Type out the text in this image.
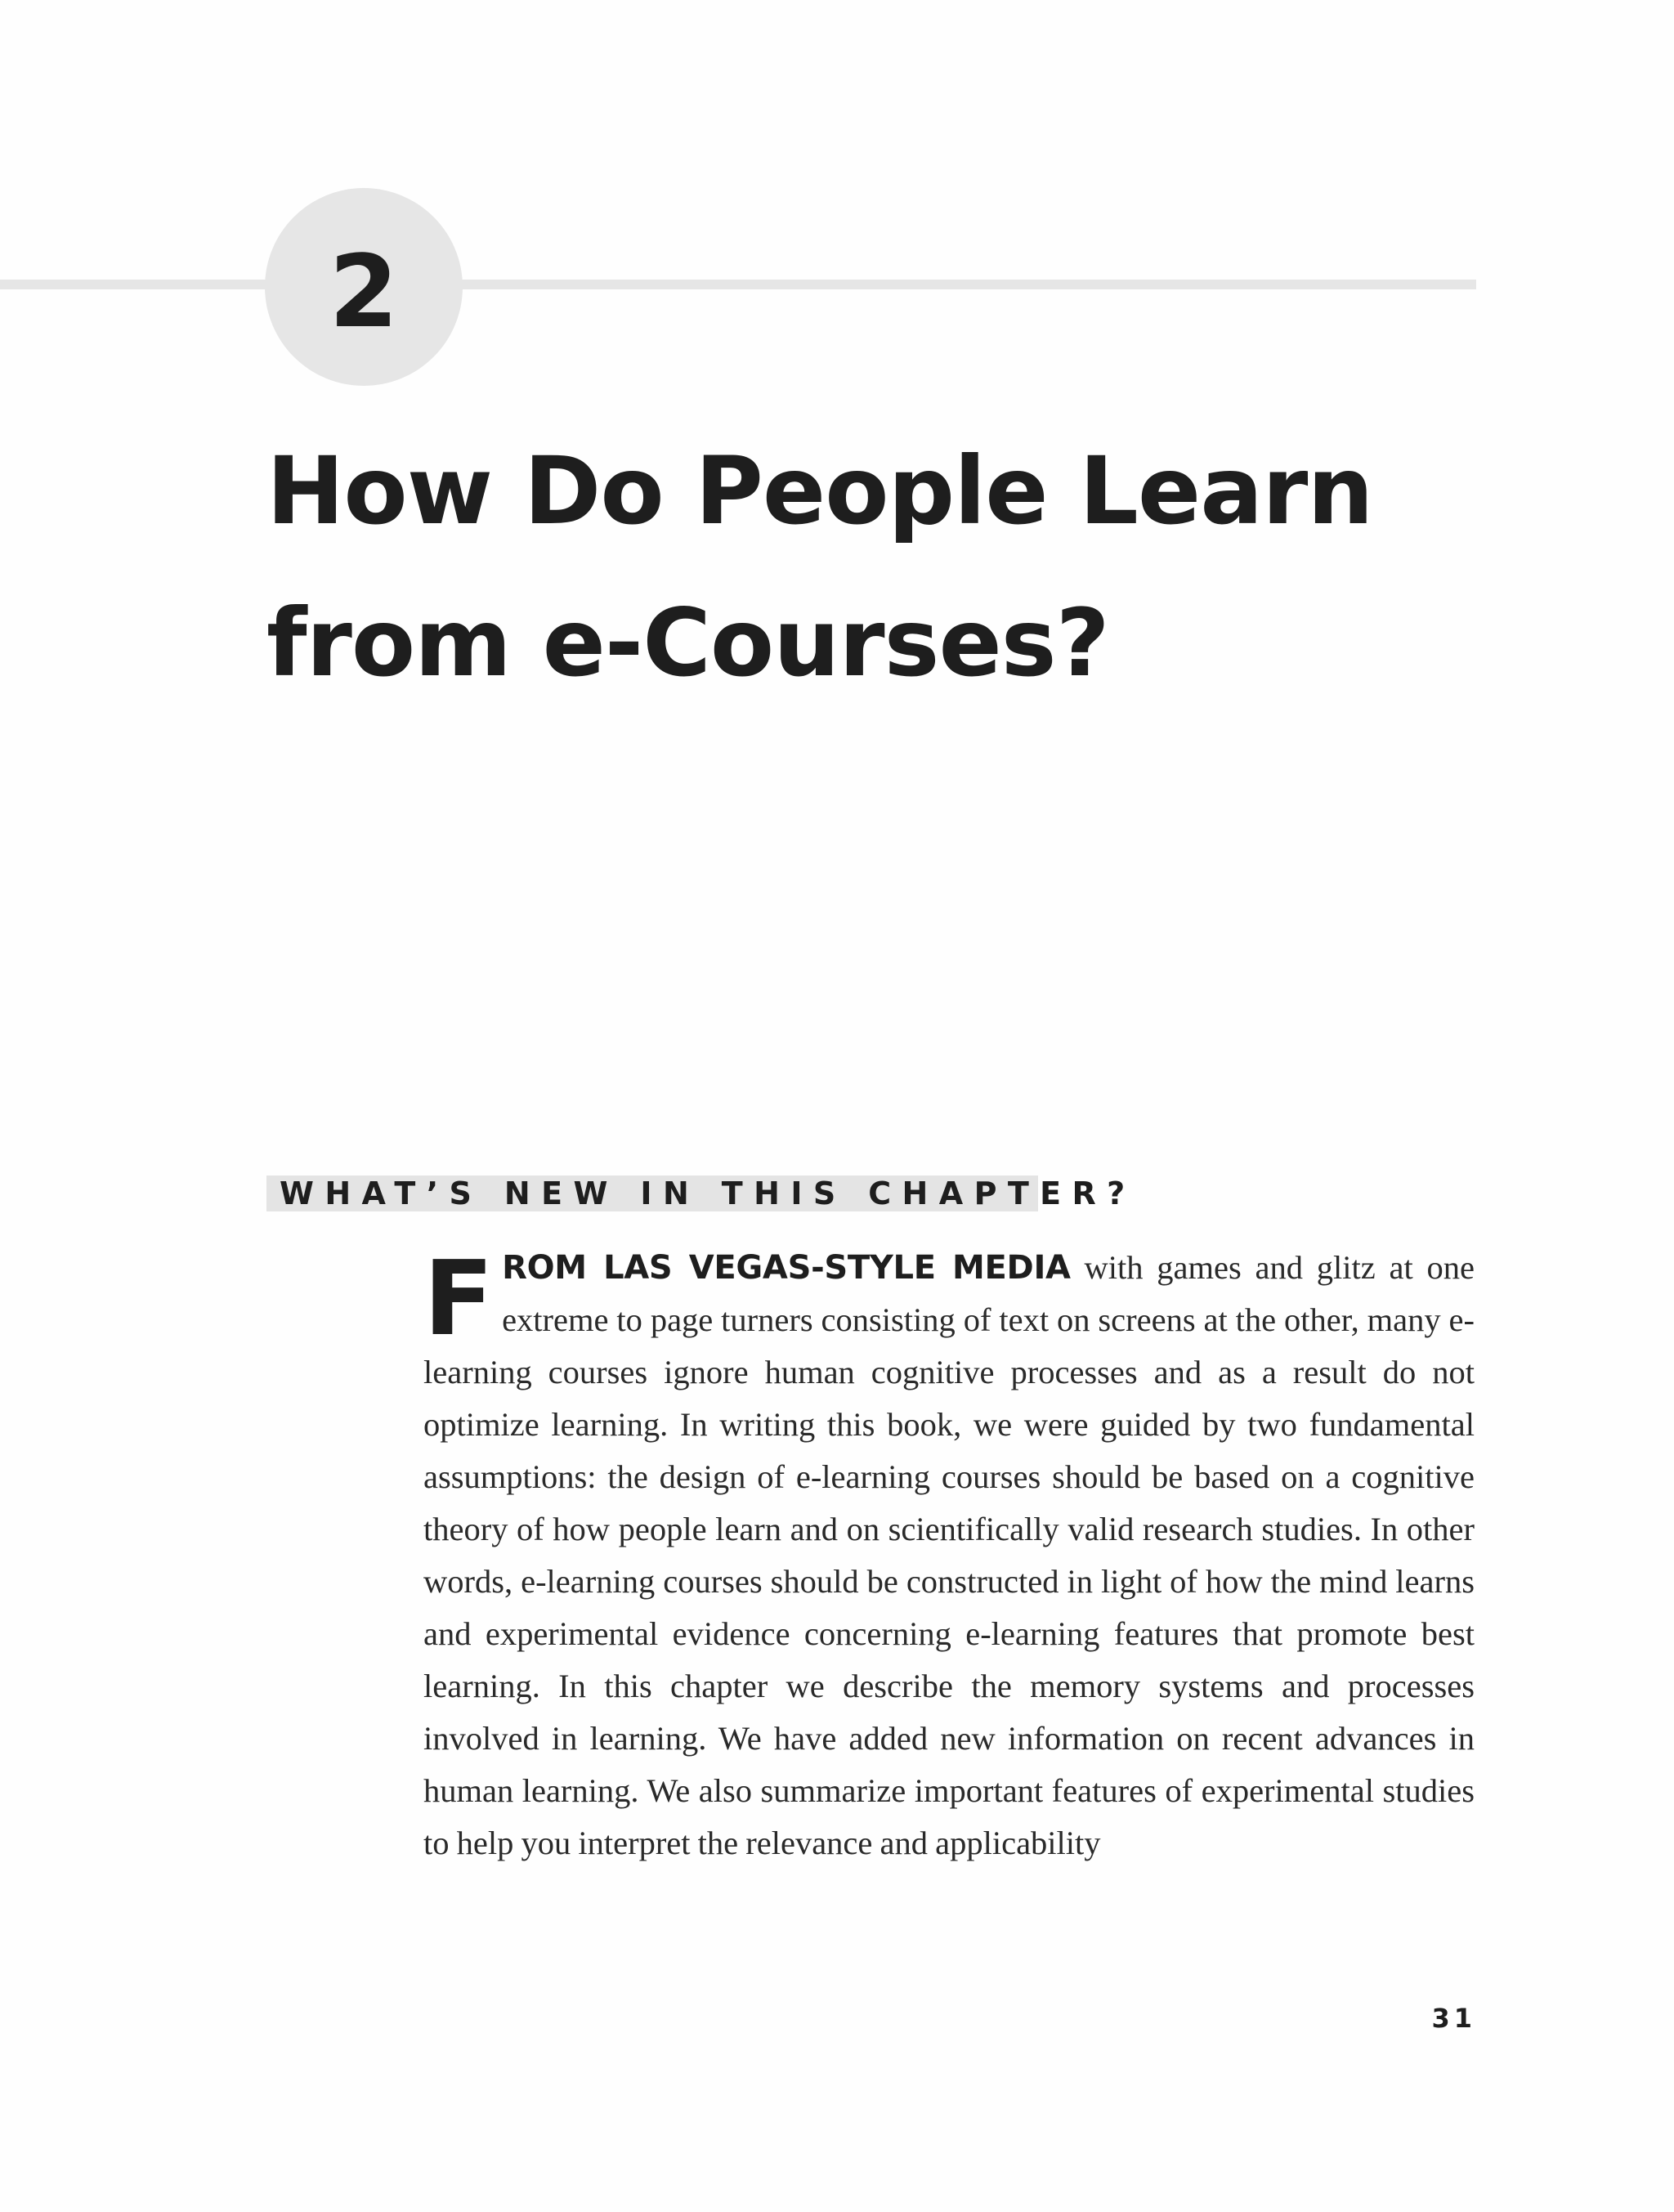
2
How Do People Learn
from e-Courses?
WHAT’S NEW IN THIS CHAPTER?

FROM LAS VEGAS-STYLE MEDIA with games and glitz at one extreme to page turners consisting of text on screens at the other, many e-learning courses ignore human cognitive processes and as a result do not optimize learning. In writing this book, we were guided by two fundamental assumptions: the design of e-learning courses should be based on a cognitive theory of how people learn and on scientifically valid research studies. In other words, e-learning courses should be constructed in light of how the mind learns and experimental evidence concerning e-learning features that promote best learning. In this chapter we describe the memory systems and processes involved in learning. We have added new information on recent advances in human learning. We also summarize important features of experimental studies to help you interpret the relevance and applicability

31
